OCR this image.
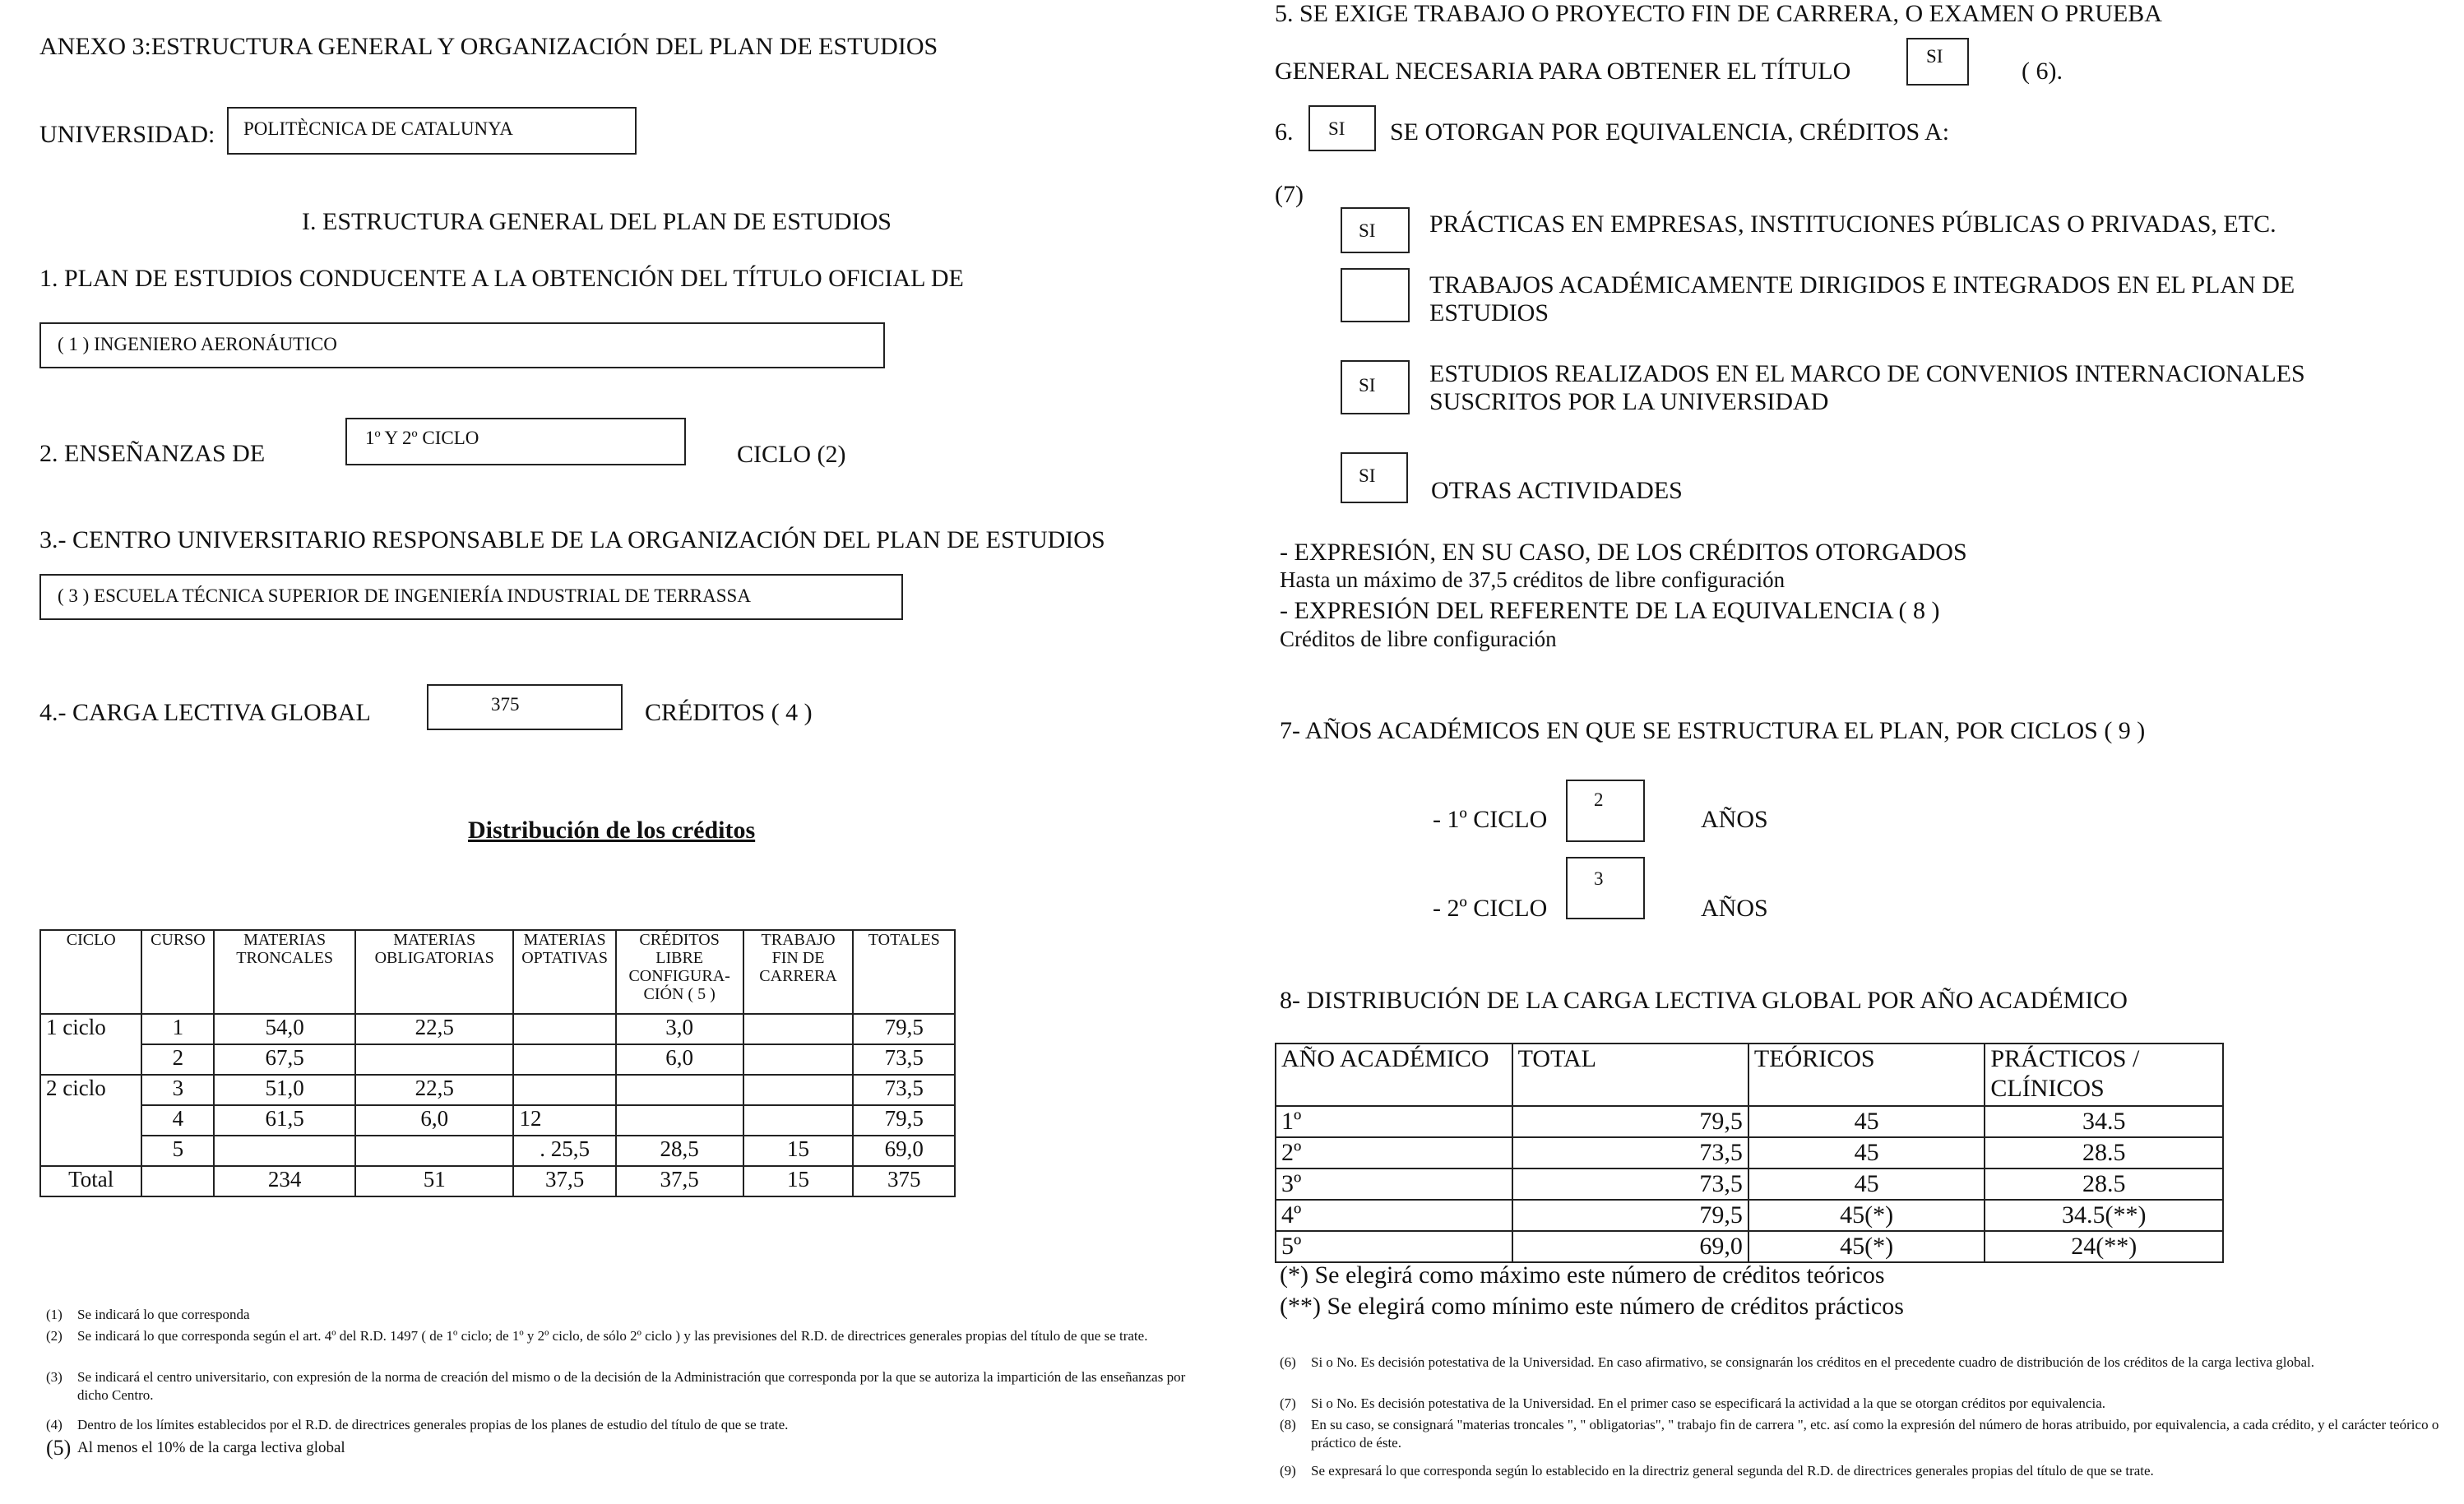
ANEXO 3:ESTRUCTURA GENERAL Y ORGANIZACIÓN DEL PLAN DE ESTUDIOS
UNIVERSIDAD: POLITÈCNICA DE CATALUNYA
I. ESTRUCTURA GENERAL DEL PLAN DE ESTUDIOS
1. PLAN DE ESTUDIOS CONDUCENTE A LA OBTENCIÓN DEL TÍTULO OFICIAL DE
( 1 ) INGENIERO AERONÁUTICO
2. ENSEÑANZAS DE
1º Y 2º CICLO
CICLO (2)
3.- CENTRO UNIVERSITARIO RESPONSABLE DE LA ORGANIZACIÓN DEL PLAN DE ESTUDIOS
( 3 ) ESCUELA TÉCNICA SUPERIOR DE INGENIERÍA INDUSTRIAL DE TERRASSA
4.- CARGA LECTIVA GLOBAL	375	CRÉDITOS ( 4 )
Distribución de los créditos
CICLO	CURSO	MATERIAS TRONCALES	MATERIAS OBLIGATORIAS	MATERIAS OPTATIVAS	CRÉDITOS LIBRE CONFIGURA-CIÓN ( 5 )	TRABAJO FIN DE CARRERA	TOTALES
1 ciclo	1	54,0	22,5		3,0		79,5
	2	67,5			6,0		73,5
2 ciclo	3	51,0	22,5				73,5
	4	61,5	6,0	12			79,5
	5			. 25,5	28,5	15	69,0
Total		234	51	37,5	37,5	15	375
(1) Se indicará lo que corresponda
(2) Se indicará lo que corresponda según el art. 4º del R.D. 1497 ( de 1º ciclo; de 1º y 2º ciclo, de sólo 2º ciclo ) y las previsiones del R.D. de directrices generales propias del título de que se trate.
(3) Se indicará el centro universitario, con expresión de la norma de creación del mismo o de la decisión de la Administración que corresponda por la que se autoriza la impartición de las enseñanzas por dicho Centro.
(4) Dentro de los límites establecidos por el R.D. de directrices generales propias de los planes de estudio del título de que se trate.
(5) Al menos el 10% de la carga lectiva global
5. SE EXIGE TRABAJO O PROYECTO FIN DE CARRERA, O EXAMEN O PRUEBA
GENERAL NECESARIA PARA OBTENER EL TÍTULO
SI
( 6).
6. SI SE OTORGAN POR EQUIVALENCIA, CRÉDITOS A:
(7)
SI PRÁCTICAS EN EMPRESAS, INSTITUCIONES PÚBLICAS O PRIVADAS, ETC.
TRABAJOS ACADÉMICAMENTE DIRIGIDOS E INTEGRADOS EN EL PLAN DE
ESTUDIOS
SI ESTUDIOS REALIZADOS EN EL MARCO DE CONVENIOS INTERNACIONALES
SUSCRITOS POR LA UNIVERSIDAD
SI
OTRAS ACTIVIDADES
- EXPRESIÓN, EN SU CASO, DE LOS CRÉDITOS OTORGADOS
Hasta un máximo de 37,5 créditos de libre configuración
- EXPRESIÓN DEL REFERENTE DE LA EQUIVALENCIA ( 8 )
Créditos de libre configuración
7- AÑOS ACADÉMICOS EN QUE SE ESTRUCTURA EL PLAN, POR CICLOS ( 9 )
- 1º CICLO
2
AÑOS
- 2º CICLO
3
AÑOS
8- DISTRIBUCIÓN DE LA CARGA LECTIVA GLOBAL POR AÑO ACADÉMICO
AÑO ACADÉMICO	TOTAL	TEÓRICOS	PRÁCTICOS /  CLÍNICOS
1º	79,5	45	34.5
2º	73,5	45	28.5
3º	73,5	45	28.5
4º	79,5	45(*)	34.5(**)
5º	69,0	45(*)	24(**)
(*) Se elegirá como máximo este número de créditos teóricos
(**) Se elegirá como mínimo este número de créditos prácticos
(6) Si o No. Es decisión potestativa de la Universidad. En caso afirmativo, se consignarán los créditos en el precedente cuadro de distribución de los créditos de la carga lectiva global.
(7) Si o No. Es decisión potestativa de la Universidad. En el primer caso se especificará la actividad a la que se otorgan créditos por equivalencia.
(8) En su caso, se consignará "materias troncales ", " obligatorias", " trabajo fin de carrera ", etc. así como la expresión del número de horas atribuido, por equivalencia, a cada crédito, y el carácter teórico o práctico de éste.
(9) Se expresará lo que corresponda según lo establecido en la directriz general segunda del R.D. de directrices generales propias del título de que se trate.
